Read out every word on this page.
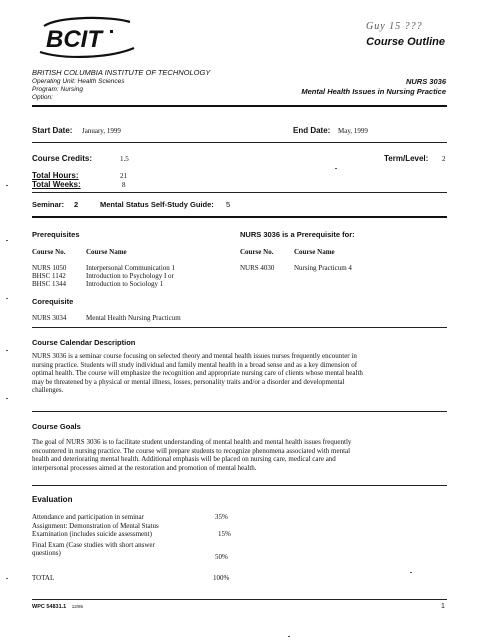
BCIT	Guy 15 ???
Course Outline
BRITISH COLUMBIA INSTITUTE OF TECHNOLOGY
Operating Unit: Health Sciences
Program: Nursing
Option:
NURS 3036
Mental Health Issues in Nursing Practice
Start Date: January, 1999	End Date: May, 1999
Course Credits:	1.5	Term/Level: 2
Total Hours:	21
Total Weeks:	8
Seminar: 2	Mental Status Self-Study Guide: 5
Prerequisites
Course No.	Course Name
NURS 1050	Interpersonal Communication 1
BHSC 1142	Introduction to Psychology I or
BHSC 1344	Introduction to Sociology 1
NURS 3036 is a Prerequisite for:
Course No.	Course Name
NURS 4030	Nursing Practicum 4
Corequisite
NURS 3034	Mental Health Nursing Practicum
Course Calendar Description
NURS 3036 is a seminar course focusing on selected theory and mental health issues nurses frequently encounter in
nursing practice. Students will study individual and family mental health in a broad sense and as a key dimension of
optimal health. The course will emphasize the recognition and appropriate nursing care of clients whose mental health
may be threatened by a physical or mental illness, losses, personality traits and/or a disorder and developmental
challenges.
Course Goals
The goal of NURS 3036 is to facilitate student understanding of mental health and mental health issues frequently
encountered in nursing practice. The course will prepare students to recognize phenomena associated with mental
health and deteriorating mental health. Additional emphasis will be placed on nursing care, medical care and
interpersonal processes aimed at the restoration and promotion of mental health.
Evaluation
Attendance and participation in seminar	35%
Assignment: Demonstration of Mental Status
Examination (includes suicide assessment)	15%
Final Exam (Case studies with short answer
questions)	50%
TOTAL	100%
WPC 54831.1 12/95	1
